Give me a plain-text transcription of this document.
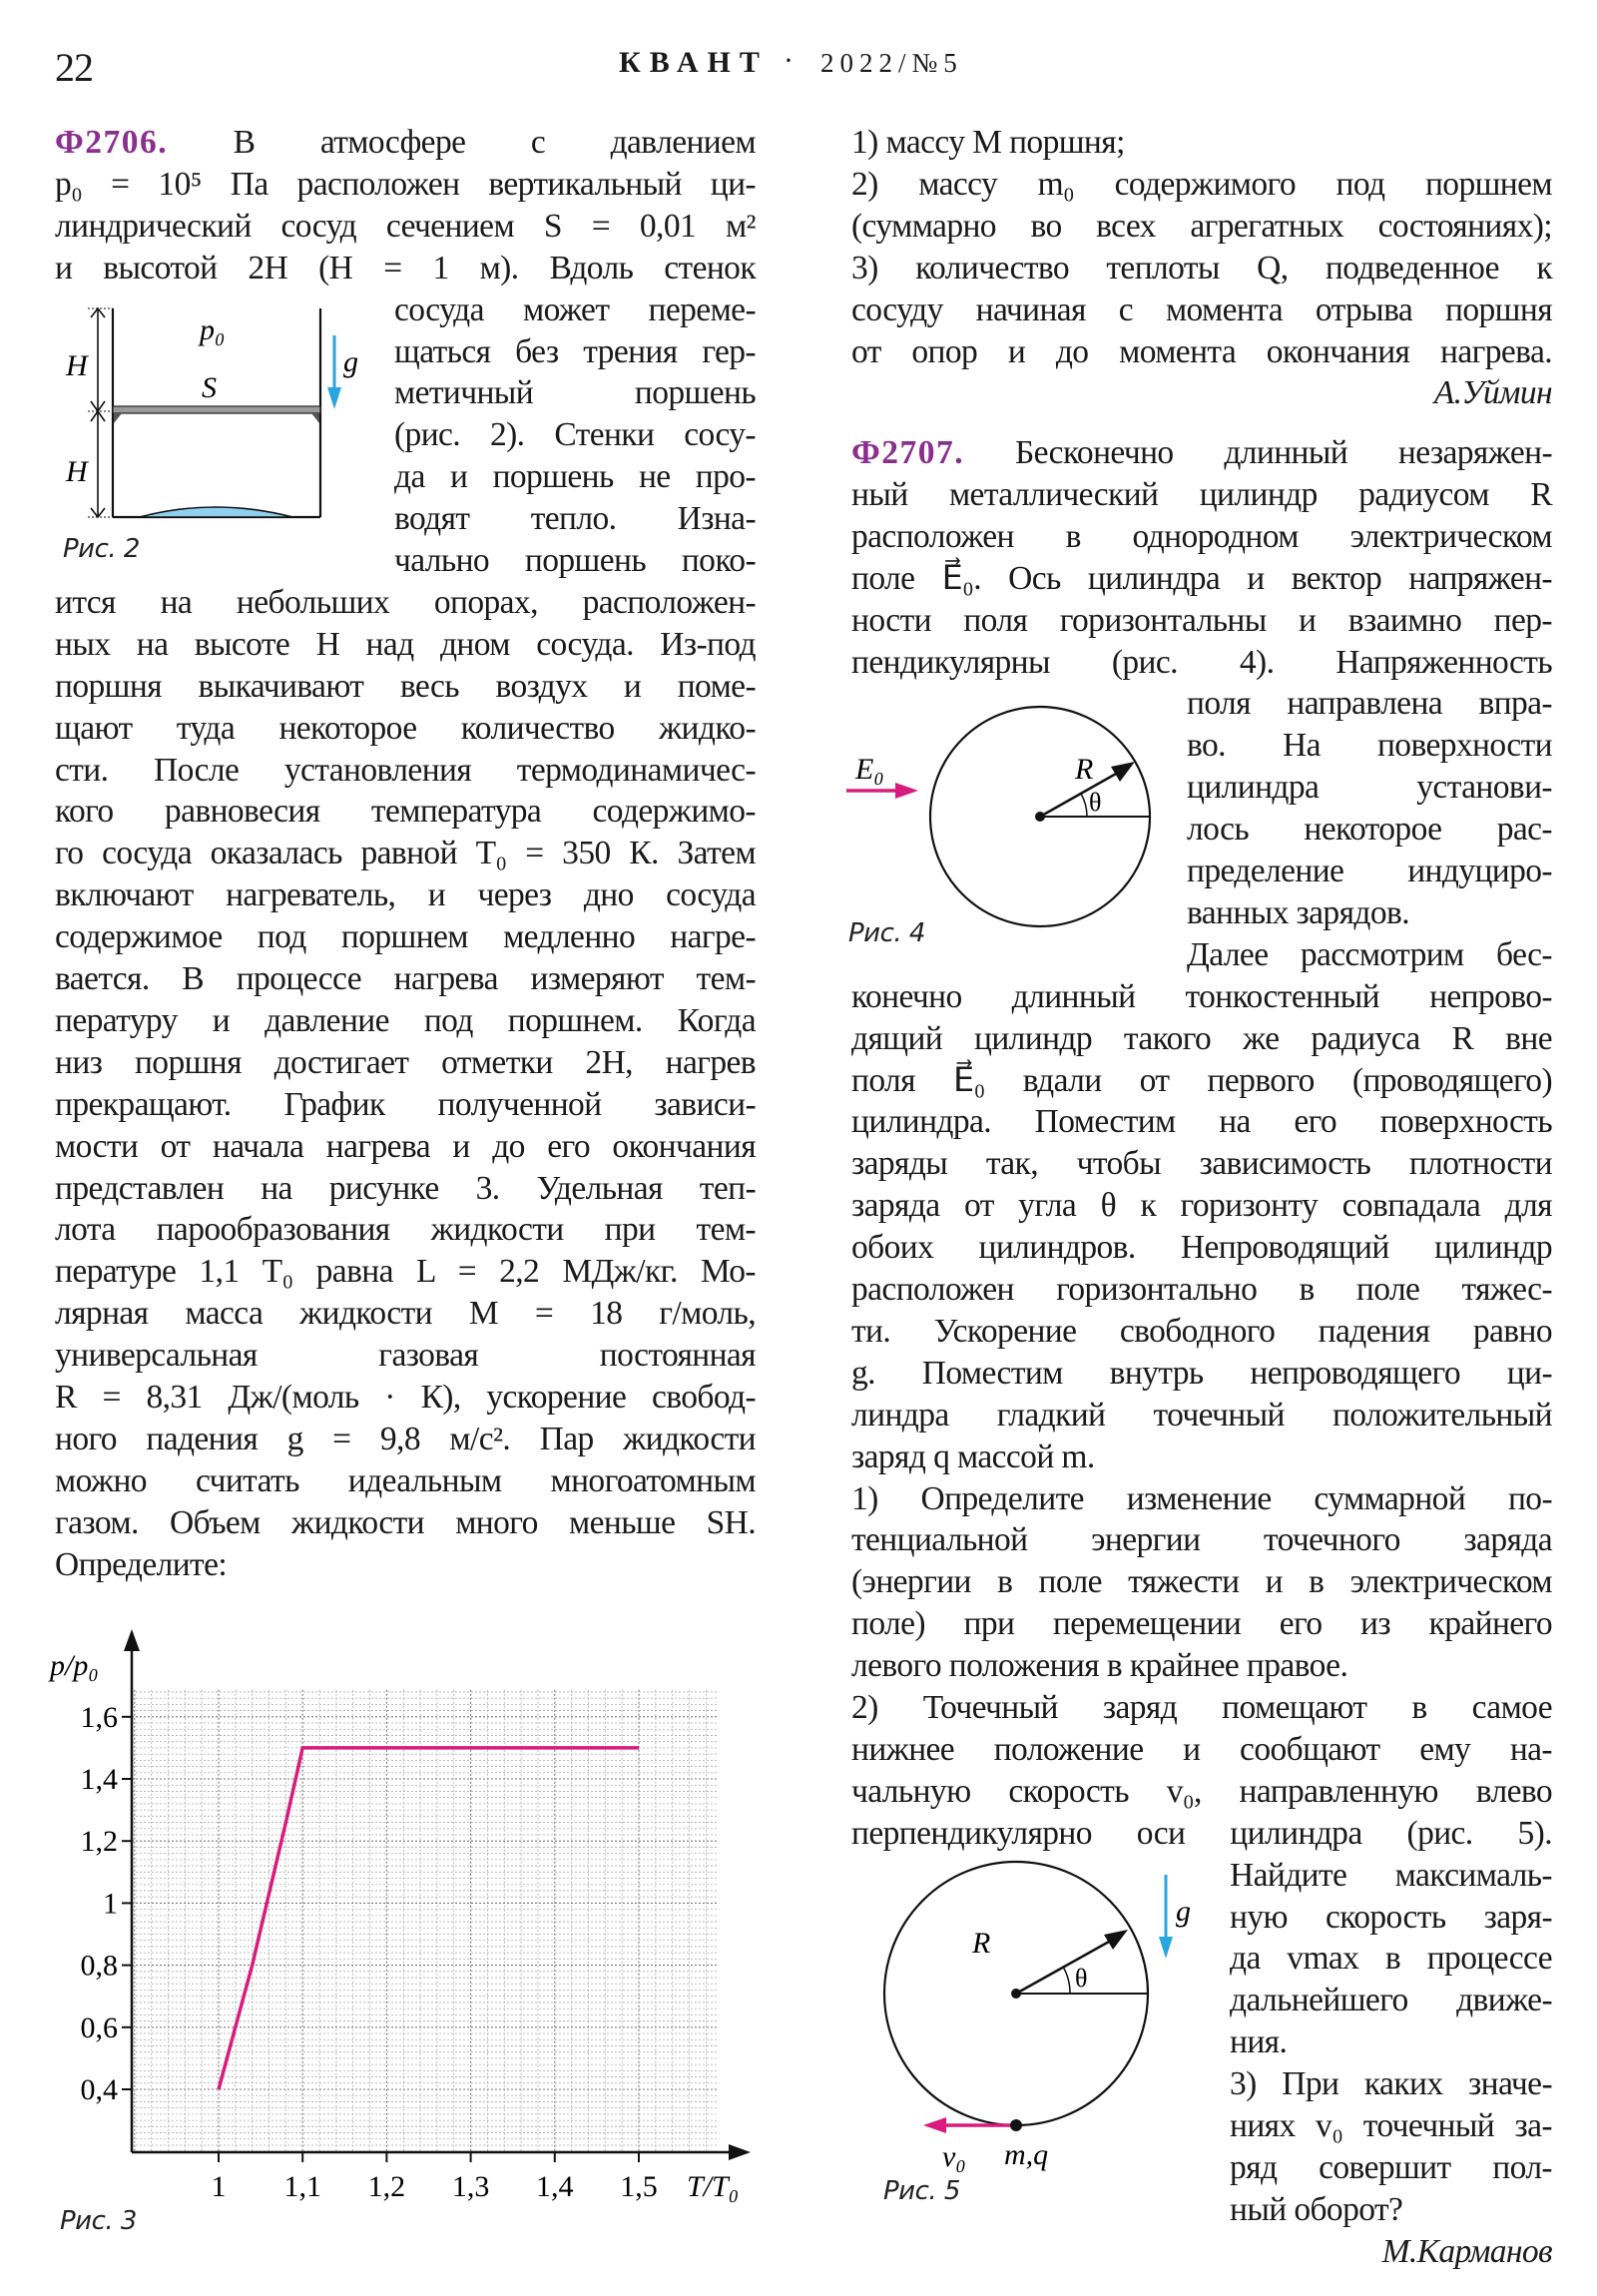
22	КВАНТ · 2022/№5
Ф2706. В атмосфере с давлением
p₀ = 10⁵ Па расположен вертикальный ци-
линдрический сосуд сечением S = 0,01 м²
и высотой 2H (H = 1 м). Вдоль стенок
сосуда может переме-
щаться без трения гер-
метичный поршень
(рис. 2). Стенки сосу-
да и поршень не про-
водят тепло. Изна-
чально поршень поко-
ится на небольших опорах, расположен-
ных на высоте H над дном сосуда. Из-под
поршня выкачивают весь воздух и поме-
щают туда некоторое количество жидко-
сти. После установления термодинамичес-
кого равновесия температура содержимо-
го сосуда оказалась равной T₀ = 350 К. Затем
включают нагреватель, и через дно сосуда
содержимое под поршнем медленно нагре-
вается. В процессе нагрева измеряют тем-
пературу и давление под поршнем. Когда
низ поршня достигает отметки 2H, нагрев
прекращают. График полученной зависи-
мости от начала нагрева и до его окончания
представлен на рисунке 3. Удельная теп-
лота парообразования жидкости при тем-
пературе 1,1 T₀ равна L = 2,2 МДж/кг. Мо-
лярная масса жидкости M = 18 г/моль,
универсальная газовая постоянная
R = 8,31 Дж/(моль · К), ускорение свобод-
ного падения g = 9,8 м/с². Пар жидкости
можно считать идеальным многоатомным
газом. Объем жидкости много меньше SH.
Определите:
H
H
p₀
S
g
Рис. 2
1 1,1 1,2 1,3 1,4 1,5
0,4
0,6
0,8
1
1,2
1,4
1,6
p/p₀
T/T₀
Рис. 3
1) массу M поршня;
2) массу m₀ содержимого под поршнем
(суммарно во всех агрегатных состояниях);
3) количество теплоты Q, подведенное к
сосуду начиная с момента отрыва поршня
от опор и до момента окончания нагрева.
А.Уймин
Ф2707. Бесконечно длинный незаряжен-
ный металлический цилиндр радиусом R
расположен в однородном электрическом
поле E⃗₀. Ось цилиндра и вектор напряжен-
ности поля горизонтальны и взаимно пер-
пендикулярны (рис. 4). Напряженность
поля направлена впра-
во. На поверхности
цилиндра установи-
лось некоторое рас-
пределение индуциро-
ванных зарядов.
Далее рассмотрим бес-
конечно длинный тонкостенный непрово-
дящий цилиндр такого же радиуса R вне
поля E⃗₀ вдали от первого (проводящего)
цилиндра. Поместим на его поверхность
заряды так, чтобы зависимость плотности
заряда от угла θ к горизонту совпадала для
обоих цилиндров. Непроводящий цилиндр
расположен горизонтально в поле тяжес-
ти. Ускорение свободного падения равно
g. Поместим внутрь непроводящего ци-
линдра гладкий точечный положительный
заряд q массой m.
1) Определите изменение суммарной по-
тенциальной энергии точечного заряда
(энергии в поле тяжести и в электрическом
поле) при перемещении его из крайнего
левого положения в крайнее правое.
2) Точечный заряд помещают в самое
нижнее положение и сообщают ему на-
чальную скорость v₀, направленную влево
перпендикулярно оси цилиндра (рис. 5).
Найдите максималь-
ную скорость заря-
да vmax в процессе
дальнейшего движе-
ния.
3) При каких значе-
ниях v₀ точечный за-
ряд совершит пол-
ный оборот?
М.Карманов
E₀	R
θ
Рис. 4
g
R
θ
v₀ m,q
Рис. 5
